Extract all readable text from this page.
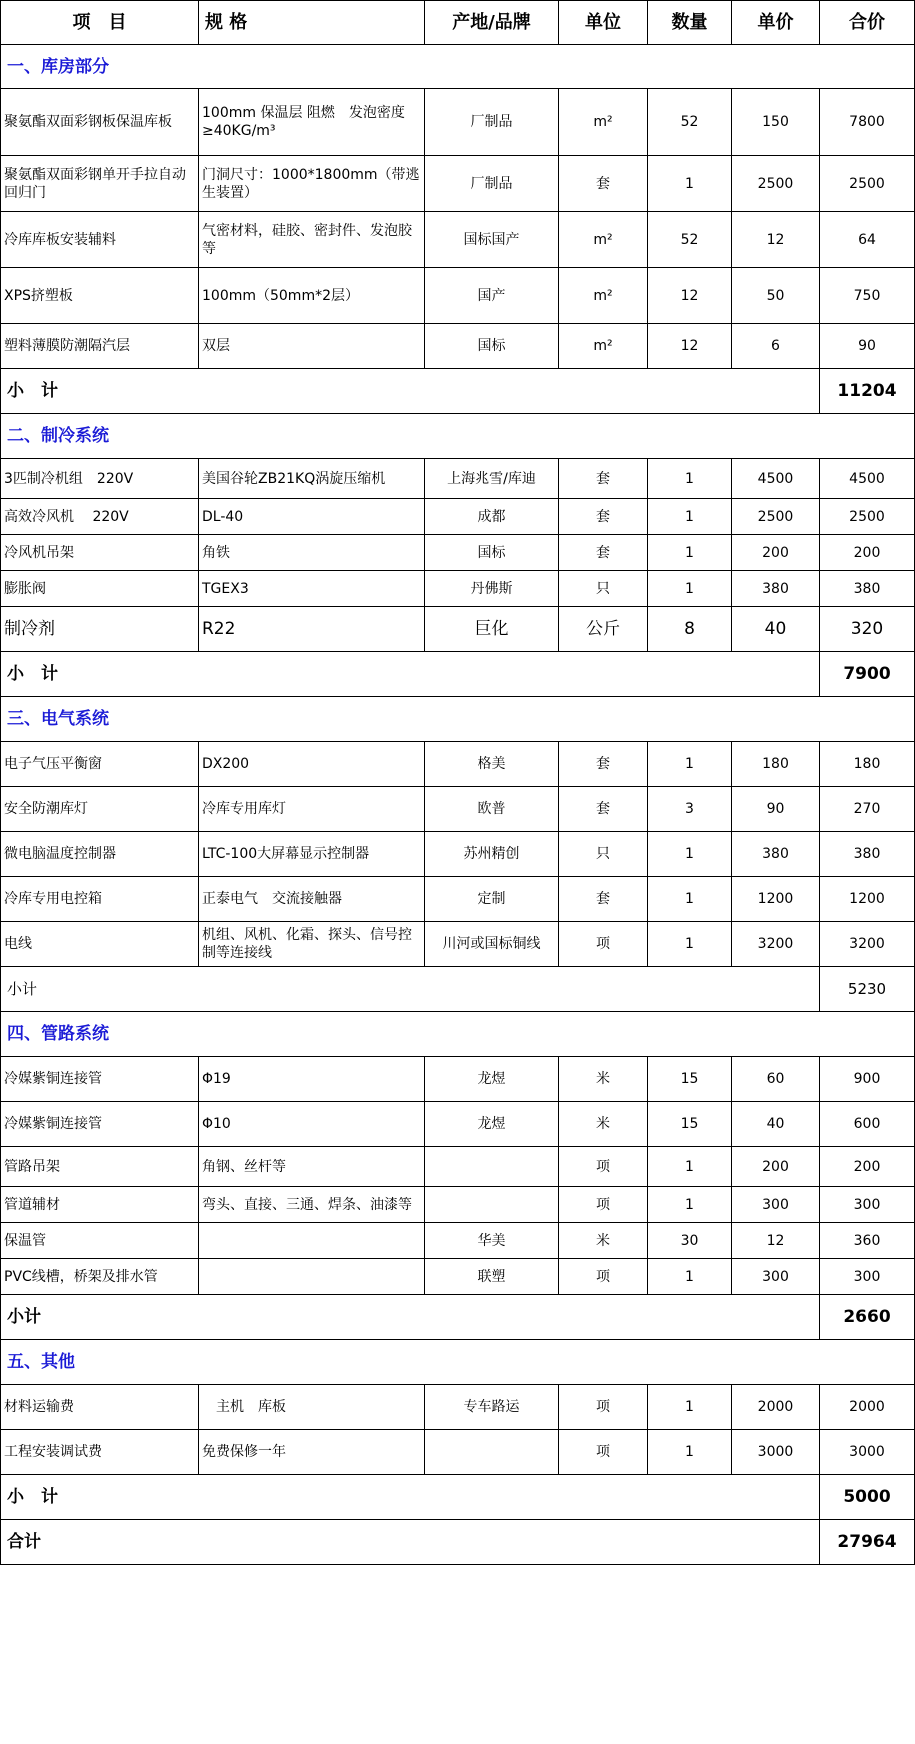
项　目	规 格	产地/品牌	单位	数量	单价	合价
一、库房部分						
聚氨酯双面彩钢板保温库板	100mm 保温层 阻燃　发泡密度≥40KG/m³	厂制品	m²	52	150	7800
聚氨酯双面彩钢单开手拉自动回归门	门洞尺寸：1000*1800mm（带逃生装置）	厂制品	套	1	2500	2500
冷库库板安装辅料	气密材料，硅胶、密封件、发泡胶等	国标国产	m²	52	12	64
XPS挤塑板	100mm（50mm*2层）	国产	m²	12	50	750
塑料薄膜防潮隔汽层	双层	国标	m²	12	6	90
小　计						11204
二、制冷系统						
3匹制冷机组　220V	美国谷轮ZB21KQ涡旋压缩机	上海兆雪/库迪	套	1	4500	4500
高效冷风机　 220V	DL-40	成都	套	1	2500	2500
冷风机吊架	角铁	国标	套	1	200	200
膨胀阀	TGEX3	丹佛斯	只	1	380	380
制冷剂	R22	巨化	公斤	8	40	320
小　计						7900
三、电气系统						
电子气压平衡窗	DX200	格美	套	1	180	180
安全防潮库灯	冷库专用库灯	欧普	套	3	90	270
微电脑温度控制器	LTC-100大屏幕显示控制器	苏州精创	只	1	380	380
冷库专用电控箱	正泰电气　交流接触器	定制	套	1	1200	1200
电线	机组、风机、化霜、探头、信号控制等连接线	川河或国标铜线	项	1	3200	3200
小计						5230
四、管路系统						
冷媒紫铜连接管	Φ19	龙煜	米	15	60	900
冷媒紫铜连接管	Φ10	龙煜	米	15	40	600
管路吊架	角钢、丝杆等		项	1	200	200
管道辅材	弯头、直接、三通、焊条、油漆等		项	1	300	300
保温管		华美	米	30	12	360
PVC线槽，桥架及排水管		联塑	项	1	300	300
小计						2660
五、其他						
材料运输费	　主机　库板	专车路运	项	1	2000	2000
工程安装调试费	免费保修一年		项	1	3000	3000
小　计						5000
合计						27964
